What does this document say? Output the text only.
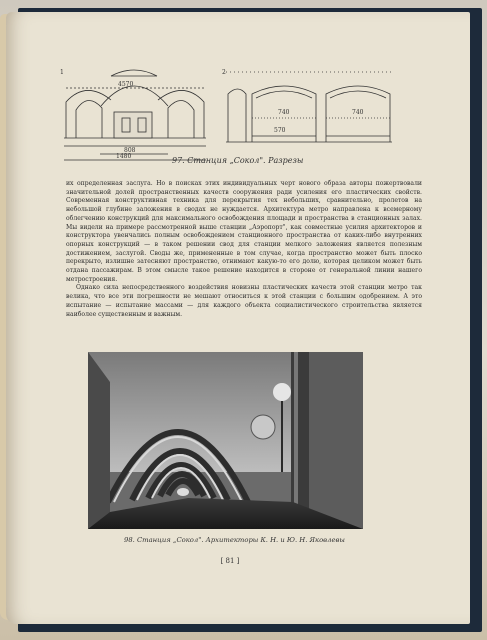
1	2
4570
808
1480
740
570
740
97. Станция „Сокол". Разрезы

их определенная заслуга. Но в поисках этих индивидуальных черт нового образа авторы пожертвовали значительной долей пространственных качеств сооружения ради усиления его пластических свойств. Современная конструктивная техника для перекрытия тех небольших, сравнительно, пролетов на небольшой глубине заложения в сводах не нуждается. Архитектура метро направлена к всемерному облегчению конструкций для максимального освобождения площади и пространства в станционных залах. Мы видели на примере рассмотренной выше станции „Аэропорт", как совместные усилия архитекторов и конструктора увенчались полным освобождением станционного пространства от каких-либо внутренних опорных конструкций — в таком решении свод для станции мелкого заложения является полезным достижением, заслугой. Своды же, примененные в том случае, когда пространство может быть плоско перекрыто, излишне затесняют пространство, отнимают какую-то его долю, которая целиком может быть отдана пассажирам. В этом смысле такое решение находится в стороне от генеральной линии нашего метростроения.

Однако сила непосредственного воздействия новизны пластических качеств этой станции метро так велика, что все эти погрешности не мешают относиться к этой станции с большим одобрением. А это испытание — испытание массами — для каждого объекта социалистического строительства является наиболее существенным и важным.

98. Станция „Сокол". Архитекторы К. Н. и Ю. Н. Яковлевы
[ 81 ]
